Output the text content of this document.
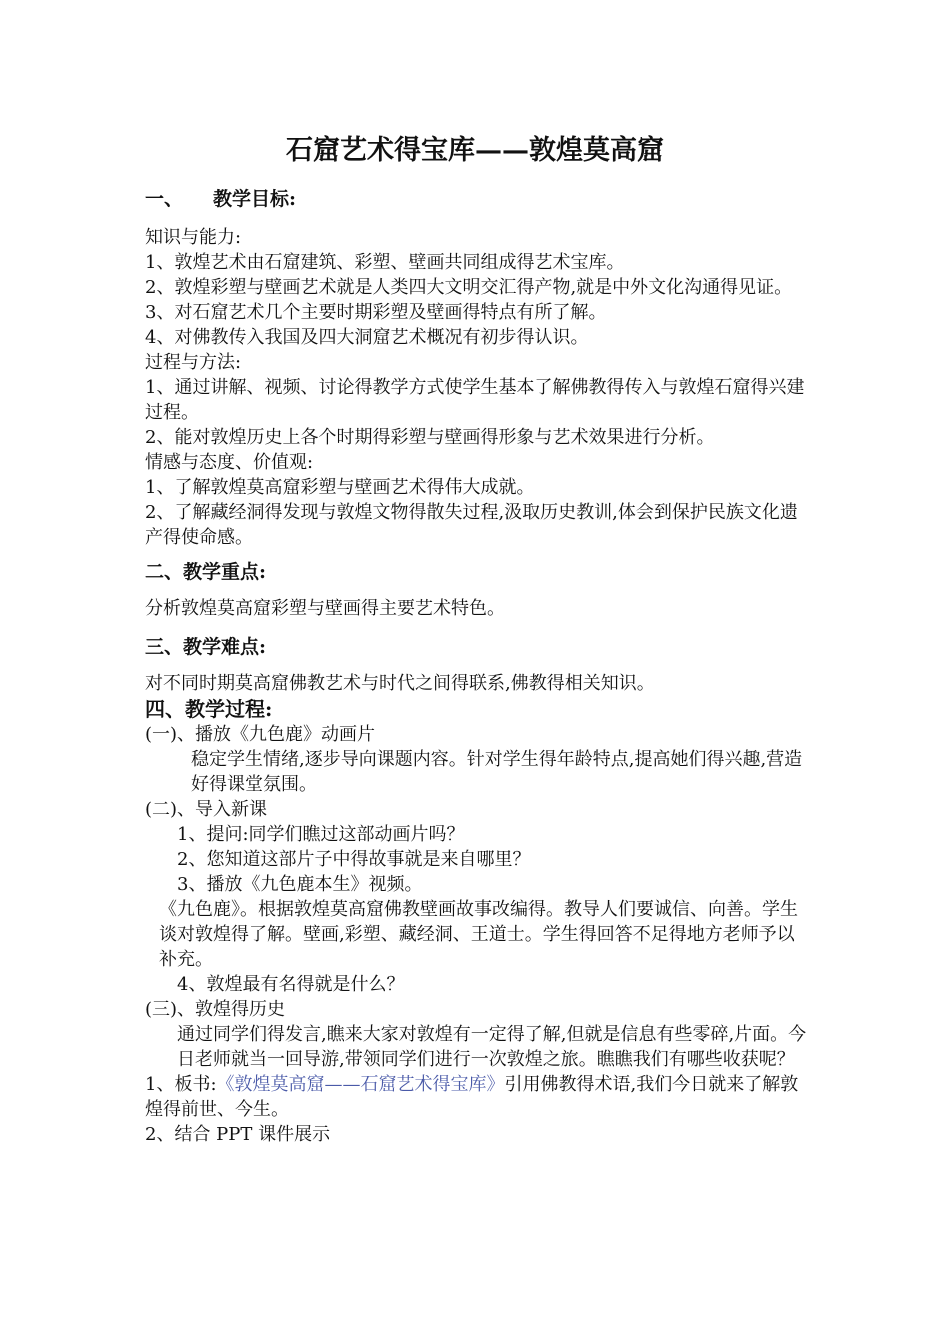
石窟艺术得宝库——敦煌莫高窟
一、 教学目标:

知识与能力:

1、敦煌艺术由石窟建筑、彩塑、壁画共同组成得艺术宝库。

2、敦煌彩塑与壁画艺术就是人类四大文明交汇得产物,就是中外文化沟通得见证。

3、对石窟艺术几个主要时期彩塑及壁画得特点有所了解。

4、对佛教传入我国及四大洞窟艺术概况有初步得认识。

过程与方法:

1、通过讲解、视频、讨论得教学方式使学生基本了解佛教得传入与敦煌石窟得兴建过程。

2、能对敦煌历史上各个时期得彩塑与壁画得形象与艺术效果进行分析。

情感与态度、价值观:

1、了解敦煌莫高窟彩塑与壁画艺术得伟大成就。

2、了解藏经洞得发现与敦煌文物得散失过程,汲取历史教训,体会到保护民族文化遗产得使命感。

二、教学重点:

分析敦煌莫高窟彩塑与壁画得主要艺术特色。

三、教学难点:

对不同时期莫高窟佛教艺术与时代之间得联系,佛教得相关知识。

四、教学过程:

(一)、播放《九色鹿》动画片

稳定学生情绪,逐步导向课题内容。针对学生得年龄特点,提高她们得兴趣,营造好得课堂氛围。

(二)、导入新课

1、提问:同学们瞧过这部动画片吗？

2、您知道这部片子中得故事就是来自哪里？

3、播放《九色鹿本生》视频。

《九色鹿》。根据敦煌莫高窟佛教壁画故事改编得。教导人们要诚信、向善。学生谈对敦煌得了解。壁画,彩塑、藏经洞、王道士。学生得回答不足得地方老师予以补充。

4、敦煌最有名得就是什么？

(三)、敦煌得历史

通过同学们得发言,瞧来大家对敦煌有一定得了解,但就是信息有些零碎,片面。今日老师就当一回导游,带领同学们进行一次敦煌之旅。瞧瞧我们有哪些收获呢？

1、板书:《敦煌莫高窟——石窟艺术得宝库》引用佛教得术语,我们今日就来了解敦煌得前世、今生。

2、结合 PPT 课件展示
